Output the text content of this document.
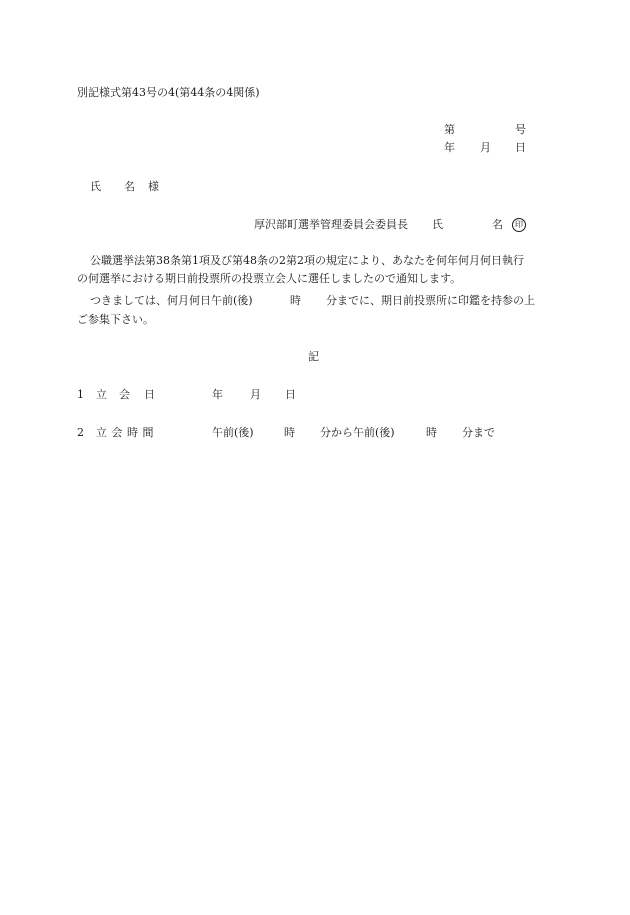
別記様式第43号の4(第44条の4関係)
第	号
年 月 日
氏 名 様
厚沢部町選挙管理委員会委員長 氏	名	印
公職選挙法第38条第1項及び第48条の2第2項の規定により、あなたを何年何月何日執行
の何選挙における期日前投票所の投票立会人に選任しましたので通知します。
つきましては、何月何日午前(後)	時 分までに、期日前投票所に印鑑を持参の上
ご参集下さい。
記
1 立 会 日	年 月 日
2 立 会 時 間	午前(後)	時 分から午前(後)	時 分まで
